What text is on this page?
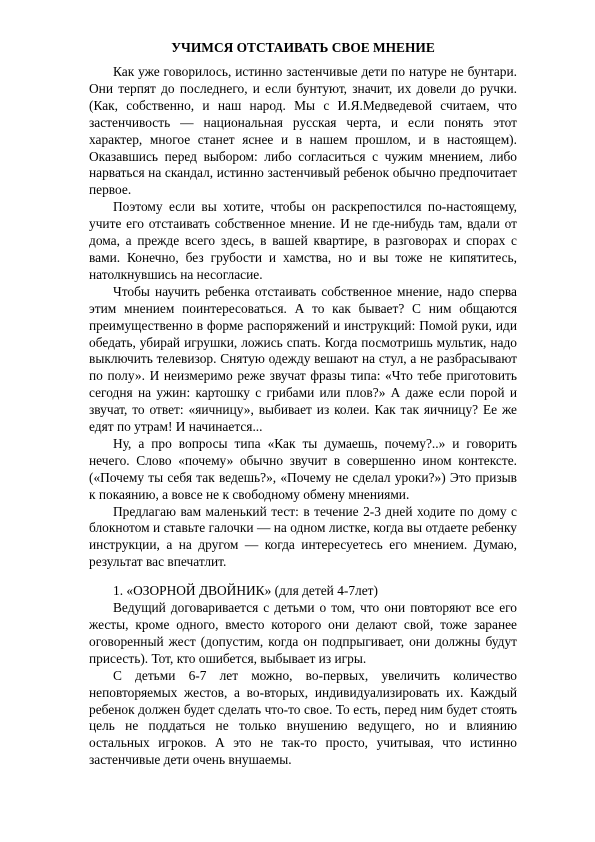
УЧИМСЯ ОТСТАИВАТЬ СВОЕ МНЕНИЕ

Как уже говорилось, истинно застенчивые дети по натуре не бунтари. Они терпят до последнего, и если бунтуют, значит, их довели до ручки. (Как, собственно, и наш народ. Мы с И.Я.Медведевой считаем, что застенчивость — национальная русская черта, и если понять этот характер, многое станет яснее и в нашем прошлом, и в настоящем). Оказавшись перед выбором: либо согласиться с чужим мнением, либо нарваться на скандал, истинно застенчивый ребенок обычно предпочитает первое.

Поэтому если вы хотите, чтобы он раскрепостился по-настоящему, учите его отстаивать собственное мнение. И не где-нибудь там, вдали от дома, а прежде всего здесь, в вашей квартире, в разговорах и спорах с вами. Конечно, без грубости и хамства, но и вы тоже не кипятитесь, натолкнувшись на несогласие.

Чтобы научить ребенка отстаивать собственное мнение, надо сперва этим мнением поинтересоваться. А то как бывает? С ним общаются преимущественно в форме распоряжений и инструкций: Помой руки, иди обедать, убирай игрушки, ложись спать. Когда посмотришь мультик, надо выключить телевизор. Снятую одежду вешают на стул, а не разбрасывают по полу». И неизмеримо реже звучат фразы типа: «Что тебе приготовить сегодня на ужин: картошку с грибами или плов?» А даже если порой и звучат, то ответ: «яичницу», выбивает из колеи. Как так яичницу? Ее же едят по утрам! И начинается...

Ну, а про вопросы типа «Как ты думаешь, почему?..» и говорить нечего. Слово «почему» обычно звучит в совершенно ином контексте.(«Почему ты себя так ведешь?», «Почему не сделал уроки?») Это призыв к покаянию, а вовсе не к свободному обмену мнениями.

Предлагаю вам маленький тест: в течение 2-3 дней ходите по дому с блокнотом и ставьте галочки — на одном листке, когда вы отдаете ребенку инструкции, а на другом — когда интересуетесь его мнением. Думаю, результат вас впечатлит.

1. «ОЗОРНОЙ ДВОЙНИК» (для детей 4-7лет)

Ведущий договаривается с детьми о том, что они повторяют все его жесты, кроме одного, вместо которого они делают свой, тоже заранее оговоренный жест (допустим, когда он подпрыгивает, они должны будут присесть). Тот, кто ошибется, выбывает из игры.

С детьми 6-7 лет можно, во-первых, увеличить количество неповторяемых жестов, а во-вторых, индивидуализировать их. Каждый ребенок должен будет сделать что-то свое. То есть, перед ним будет стоять цель не поддаться не только внушению ведущего, но и влиянию остальных игроков. А это не так-то просто, учитывая, что истинно застенчивые дети очень внушаемы.
